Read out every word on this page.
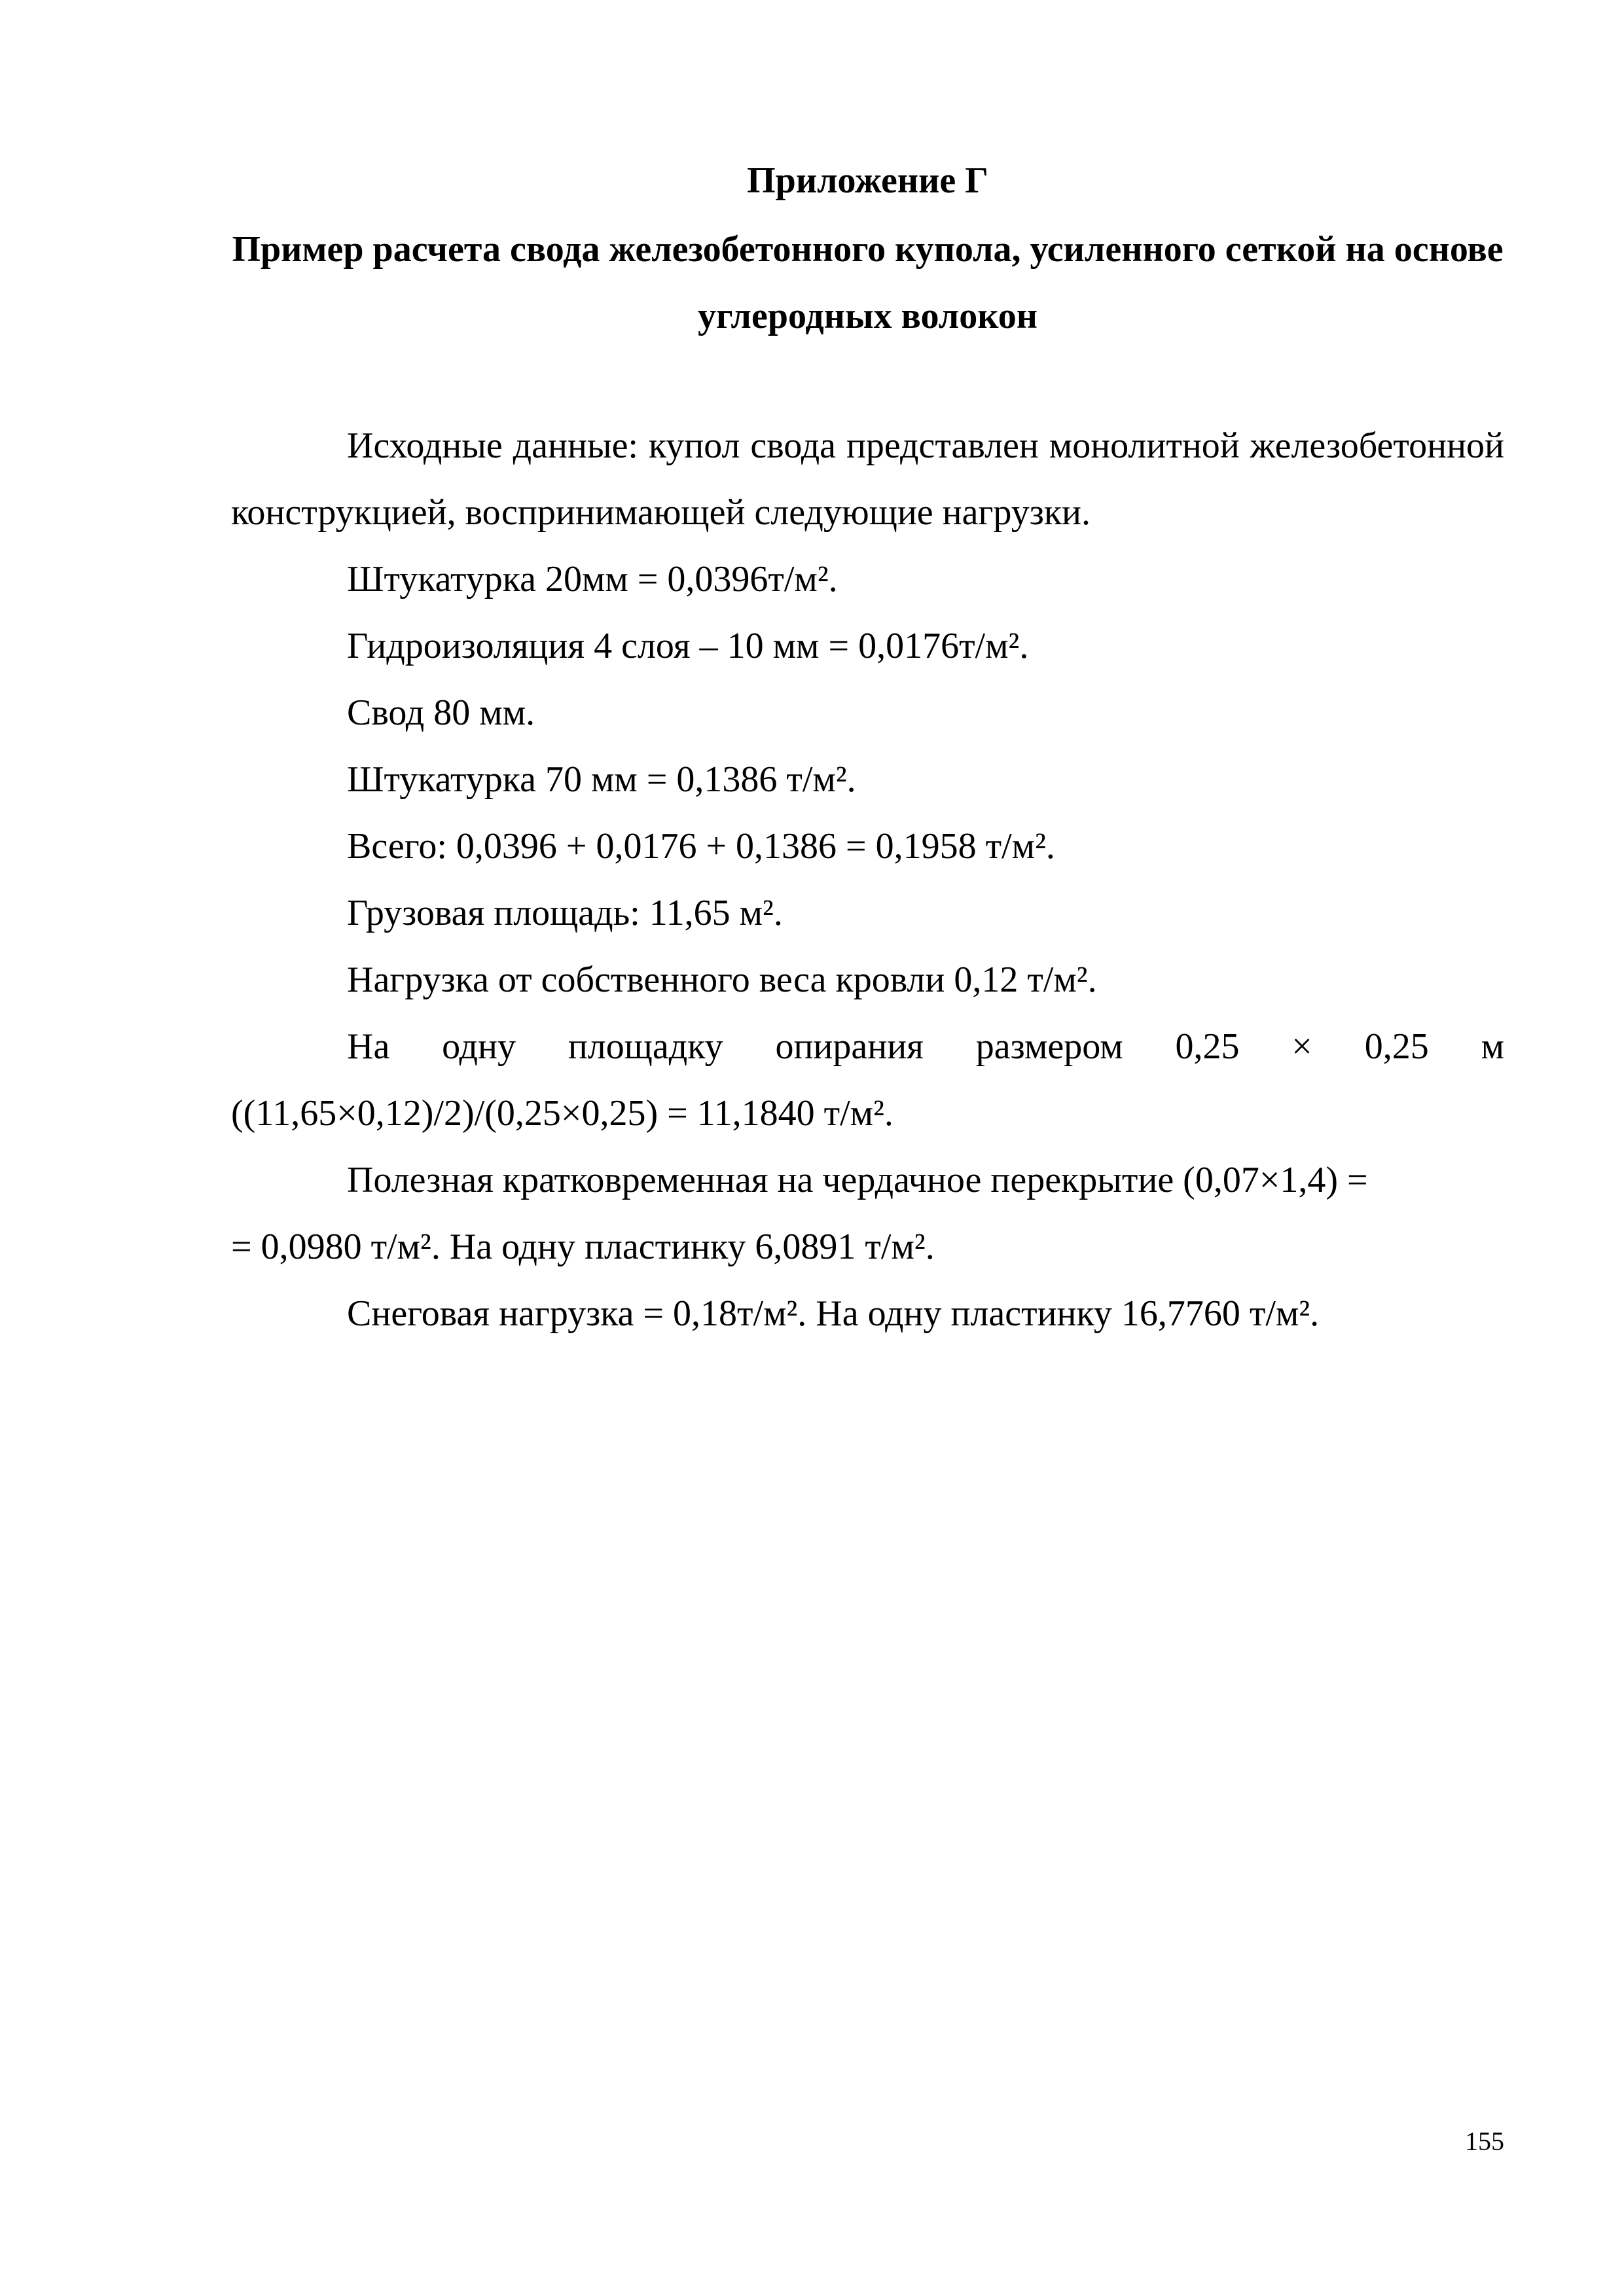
Приложение Г
Пример расчета свода железобетонного купола, усиленного сеткой на основе углеродных волокон

Исходные данные: купол свода представлен монолитной железобетонной конструкцией, воспринимающей следующие нагрузки.

Штукатурка 20мм = 0,0396т/м².

Гидроизоляция 4 слоя – 10 мм = 0,0176т/м².

Свод 80 мм.

Штукатурка 70 мм = 0,1386 т/м².

Всего: 0,0396 + 0,0176 + 0,1386 = 0,1958 т/м².

Грузовая площадь: 11,65 м².

Нагрузка от собственного веса кровли 0,12 т/м².

На одну площадку опирания размером 0,25 × 0,25 м

((11,65×0,12)/2)/(0,25×0,25) = 11,1840 т/м².

Полезная кратковременная на чердачное перекрытие (0,07×1,4) =

= 0,0980 т/м². На одну пластинку 6,0891 т/м².

Снеговая нагрузка = 0,18т/м². На одну пластинку 16,7760 т/м².

155
